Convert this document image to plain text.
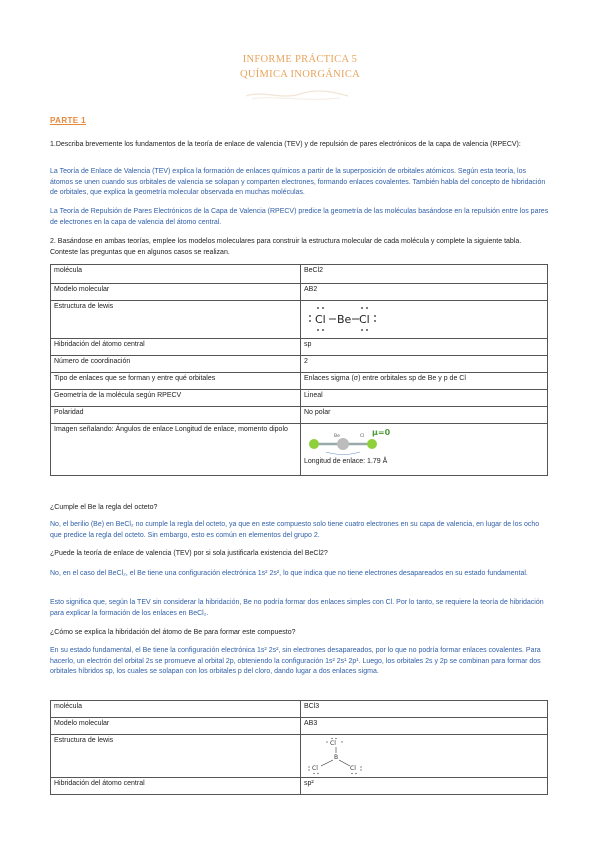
INFORME PRÁCTICA 5
QUÍMICA INORGÁNICA
PARTE 1
1.Describa brevemente los fundamentos de la teoría de enlace de valencia (TEV) y de repulsión de pares electrónicos de la capa de valencia (RPECV):
La Teoría de Enlace de Valencia (TEV) explica la formación de enlaces químicos a partir de la superposición de orbitales atómicos. Según esta teoría, los átomos se unen cuando sus orbitales de valencia se solapan y comparten electrones, formando enlaces covalentes. También habla del concepto de hibridación de orbitales, que explica la geometría molecular observada en muchas moléculas.
La Teoría de Repulsión de Pares Electrónicos de la Capa de Valencia (RPECV) predice la geometría de las moléculas basándose en la repulsión entre los pares de electrones en la capa de valencia del átomo central.
2. Basándose en ambas teorías, emplee los modelos moleculares para construir la estructura molecular de cada molécula y complete la siguiente tabla. Conteste las preguntas que en algunos casos se realizan.
molécula	BeCl2
Modelo molecular	AB2
Estructura de lewis	Cl Be Cl

Hibridación del átomo central	sp
Número de coordinación	2
Tipo de enlaces que se forman y entre qué orbitales	Enlaces sigma (σ) entre orbitales sp de Be y p de Cl
Geometría de la molécula según RPECV	Lineal
Polaridad	No polar
Imagen señalando: Ángulos de enlace Longitud de enlace, momento dipolo	Be Cl μ=0
Longitud de enlace: 1.79 Å
¿Cumple el Be la regla del octeto?
No, el berilio (Be) en BeCl₂ no cumple la regla del octeto, ya que en este compuesto solo tiene cuatro electrones en su capa de valencia, en lugar de los ocho que predice la regla del octeto. Sin embargo, esto es común en elementos del grupo 2.
¿Puede la teoría de enlace de valencia (TEV) por si sola justificarla existencia del BeCl2?
No, en el caso del BeCl₂, el Be tiene una configuración electrónica 1s² 2s², lo que indica que no tiene electrones desapareados en su estado fundamental.
Esto significa que, según la TEV sin considerar la hibridación, Be no podría formar dos enlaces simples con Cl. Por lo tanto, se requiere la teoría de hibridación para explicar la formación de los enlaces en BeCl₂.
¿Cómo se explica la hibridación del átomo de Be para formar este compuesto?
En su estado fundamental, el Be tiene la configuración electrónica 1s² 2s², sin electrones desapareados, por lo que no podría formar enlaces covalentes. Para hacerlo, un electrón del orbital 2s se promueve al orbital 2p, obteniendo la configuración 1s² 2s¹ 2p¹. Luego, los orbitales 2s y 2p se combinan para formar dos orbitales híbridos sp, los cuales se solapan con los orbitales p del cloro, dando lugar a dos enlaces sigma.
molécula	BCl3
Modelo molecular	AB3
Estructura de lewis	Cl
B
Cl Cl

Hibridación del átomo central	sp²
